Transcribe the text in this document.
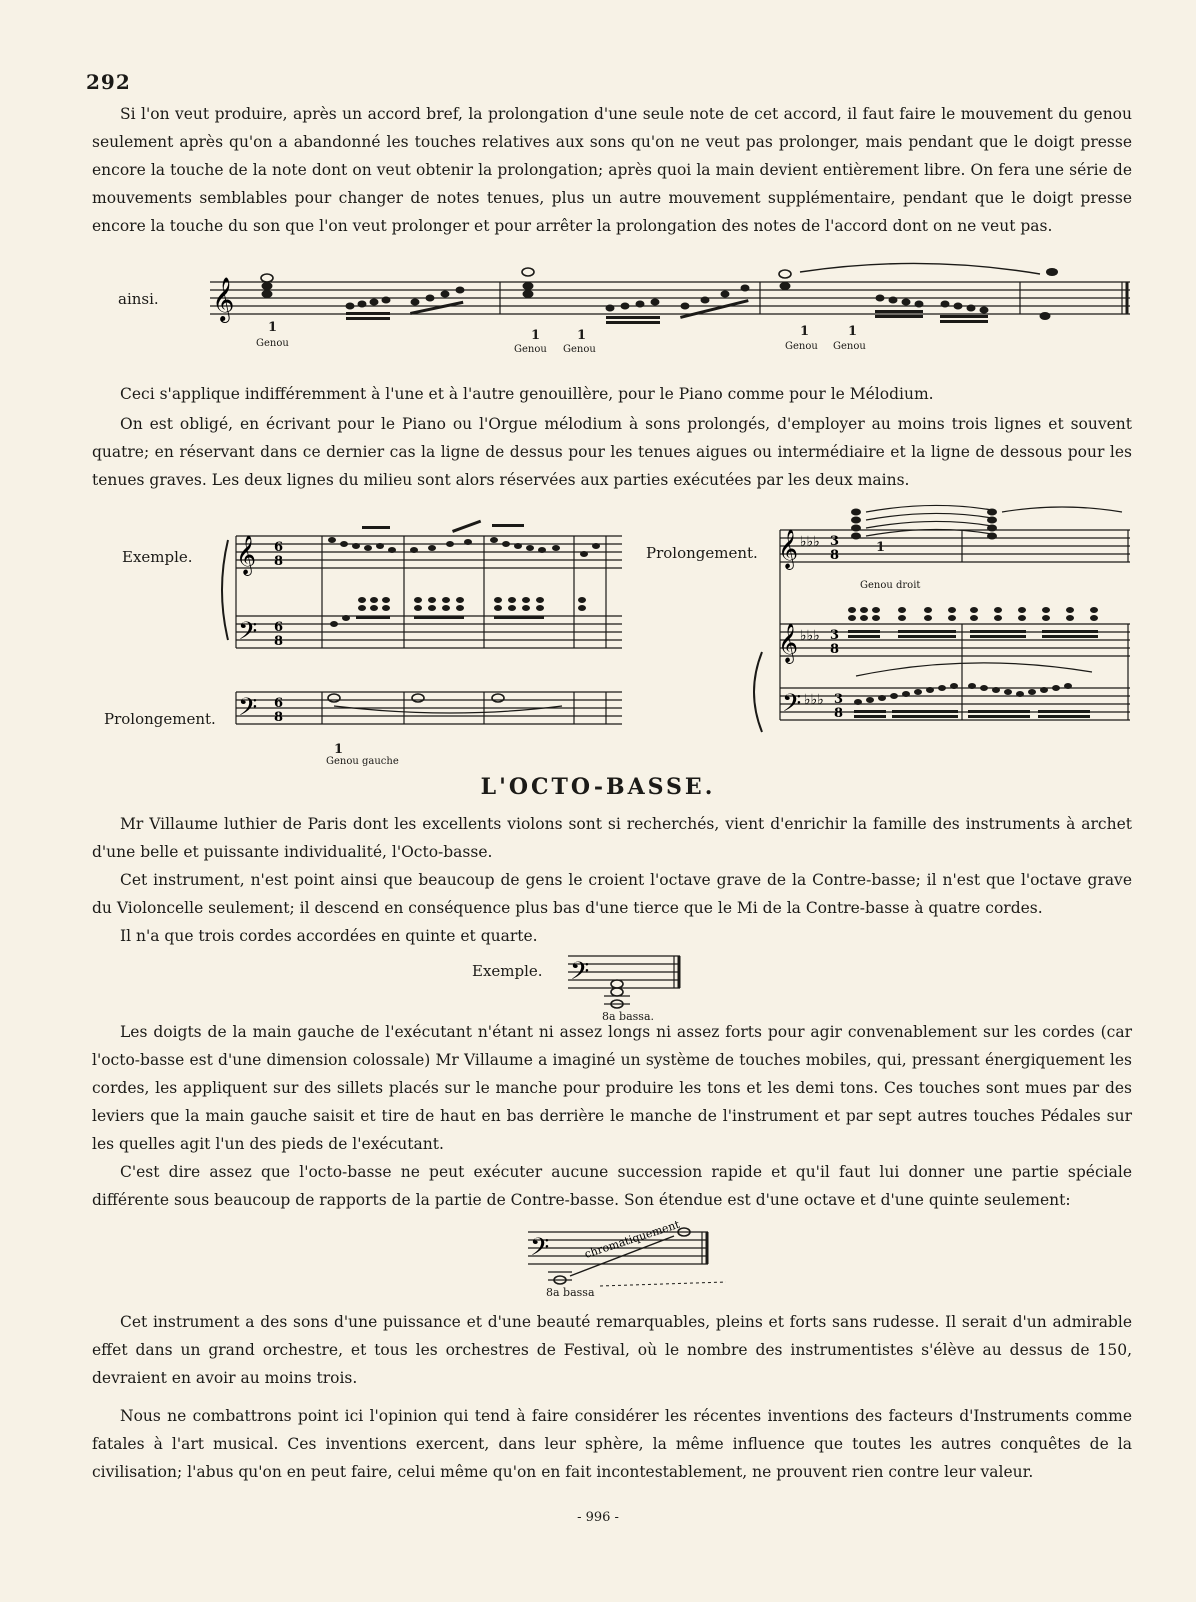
292
Si l'on veut produire, après un accord bref, la prolongation d'une seule note de cet accord, il faut faire le mouvement du genou seulement après qu'on a abandonné les touches relatives aux sons qu'on ne veut pas prolonger, mais pendant que le doigt presse encore la touche de la note dont on veut obtenir la prolongation; après quoi la main devient entièrement libre. On fera une série de mouvements semblables pour changer de notes tenues, plus un autre mouvement supplémentaire, pendant que le doigt presse encore la touche du son que l'on veut prolonger et pour arrêter la prolongation des notes de l'accord dont on ne veut pas.
ainsi. 𝄞
1
Genou
1
Genou
1
Genou
1
Genou
1
Genou
Ceci s'applique indifféremment à l'une et à l'autre genouillère, pour le Piano comme pour le Mélodium.
On est obligé, en écrivant pour le Piano ou l'Orgue mélodium à sons prolongés, d'employer au moins trois lignes et souvent quatre; en réservant dans ce dernier cas la ligne de dessus pour les tenues aigues ou intermédiaire et la ligne de dessous pour les tenues graves. Les deux lignes du milieu sont alors réservées aux parties exécutées par les deux mains.
Exemple.
Prolongement.
𝄞
𝄢
𝄢
6
8
6
8
6
8
1
Genou gauche
Prolongement. 𝄞
𝄞
𝄢
♭♭♭
♭♭♭
♭♭♭
3
8
3
8
3
8
1
Genou droit
L'OCTO-BASSE.
Mr Villaume luthier de Paris dont les excellents violons sont si recherchés, vient d'enrichir la famille des instruments à archet d'une belle et puissante individualité, l'Octo-basse.
Cet instrument, n'est point ainsi que beaucoup de gens le croient l'octave grave de la Contre-basse; il n'est que l'octave grave du Violoncelle seulement; il descend en conséquence plus bas d'une tierce que le Mi de la Contre-basse à quatre cordes.
Il n'a que trois cordes accordées en quinte et quarte.
Exemple. 𝄢
8a bassa.
Les doigts de la main gauche de l'exécutant n'étant ni assez longs ni assez forts pour agir convenablement sur les cordes (car l'octo-basse est d'une dimension colossale) Mr Villaume a imaginé un système de touches mobiles, qui, pressant énergiquement les cordes, les appliquent sur des sillets placés sur le manche pour produire les tons et les demi tons. Ces touches sont mues par des leviers que la main gauche saisit et tire de haut en bas derrière le manche de l'instrument et par sept autres touches Pédales sur les quelles agit l'un des pieds de l'exécutant.
C'est dire assez que l'octo-basse ne peut exécuter aucune succession rapide et qu'il faut lui donner une partie spéciale différente sous beaucoup de rapports de la partie de Contre-basse. Son étendue est d'une octave et d'une quinte seulement:
𝄢	chromatiquement
8a bassa
Cet instrument a des sons d'une puissance et d'une beauté remarquables, pleins et forts sans rudesse. Il serait d'un admirable effet dans un grand orchestre, et tous les orchestres de Festival, où le nombre des instrumentistes s'élève au dessus de 150, devraient en avoir au moins trois.
Nous ne combattrons point ici l'opinion qui tend à faire considérer les récentes inventions des facteurs d'Instruments comme fatales à l'art musical. Ces inventions exercent, dans leur sphère, la même influence que toutes les autres conquêtes de la civilisation; l'abus qu'on en peut faire, celui même qu'on en fait incontestablement, ne prouvent rien contre leur valeur.
- 996 -
